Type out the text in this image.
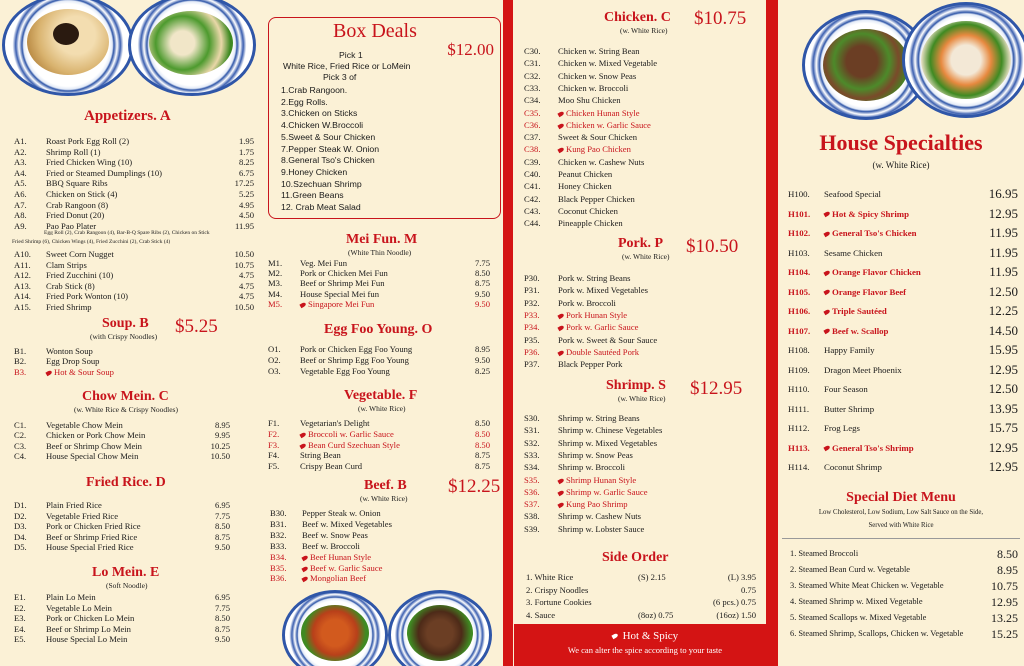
Appetizers. A
A1. Roast Pork Egg Roll (2)	1.95
A2. Shrimp Roll (1)	1.75
A3. Fried Chicken Wing (10)	8.25
A4. Fried or Steamed Dumplings (10)	6.75
A5. BBQ Square Ribs	17.25
A6. Chicken on Stick (4)	5.25
A7. Crab Rangoon (8)	4.95
A8. Fried Donut (20)	4.50
A9. Pao Pao Plater	11.95
Egg Roll (2), Crab Rangoon (4), Bar-B-Q Spare Ribs (2), Chicken on Stick
Fried Shrimp (6), Chicken Wings (4), Fried Zucchini (2), Crab Stick (4)
A10. Sweet Corn Nugget	10.50
A11. Clam Strips	10.75
A12. Fried Zucchini (10)	4.75
A13. Crab Stick (8)	4.75
A14. Fried Pork Wonton (10)	4.75
A15. Fried Shrimp	10.50
Soup. B
(with Crispy Noodles) $5.25
B1. Wonton Soup
B2. Egg Drop Soup
B3.	Hot & Sour Soup
Chow Mein. C
(w. White Rice & Crispy Noodles)
C1. Vegetable Chow Mein	8.95
C2. Chicken or Pork Chow Mein	9.95
C3. Beef or Shrimp Chow Mein	10.25
C4. House Special Chow Mein	10.50
Fried Rice. D
D1. Plain Fried Rice	6.95
D2. Vegetable Fried Rice	7.75
D3. Pork or Chicken Fried Rice	8.50
D4. Beef or Shrimp Fried Rice	8.75
D5. House Special Fried Rice	9.50
Lo Mein. E
(Soft Noodle)
E1. Plain Lo Mein	6.95
E2. Vegetable Lo Mein	7.75
E3. Pork or Chicken Lo Mein	8.50
E4. Beef or Shrimp Lo Mein	8.75
E5. House Special Lo Mein	9.50
Box Deals
$12.00
Pick 1
White Rice, Fried Rice or LoMein
Pick 3 of
1.Crab Rangoon.
2.Egg Rolls.
3.Chicken on Sticks
4.Chicken W.Broccoli
5.Sweet & Sour Chicken
7.Pepper Steak W. Onion
8.General Tso's Chicken
9.Honey Chicken
10.Szechuan Shrimp
11.Green Beans
12. Crab Meat Salad
Mei Fun. M
(White Thin Noodle)
M1. Veg. Mei Fun	7.75
M2. Pork or Chicken Mei Fun	8.50
M3. Beef or Shrimp Mei Fun	8.75
M4. House Special Mei fun	9.50
M5.	Singapore Mei Fun	9.50
Egg Foo Young. O
O1. Pork or Chicken Egg Foo Young	8.95
O2. Beef or Shrimp Egg Foo Young	9.50
O3. Vegetable Egg Foo Young	8.25
Vegetable. F
(w. White Rice)
F1. Vegetarian's Delight	8.50
F2.	Broccoli w. Garlic Sauce	8.50
F3.	Bean Curd Szechuan Style	8.50
F4. String Bean	8.75
F5. Crispy Bean Curd	8.75
Beef. B
(w. White Rice)
$12.25
B30. Pepper Steak w. Onion
B31. Beef w. Mixed Vegetables
B32. Beef w. Snow Peas
B33. Beef w. Broccoli
B34.	Beef Hunan Style
B35.	Beef w. Garlic Sauce
B36.	Mongolian Beef
Chicken. C
(w. White Rice)
$10.75
C30. Chicken w. String Bean
C31. Chicken w. Mixed Vegetable
C32. Chicken w. Snow Peas
C33. Chicken w. Broccoli
C34. Moo Shu Chicken
C35.	Chicken Hunan Style
C36.	Chicken w. Garlic Sauce
C37. Sweet & Sour Chicken
C38.	Kung Pao Chicken
C39. Chicken w. Cashew Nuts
C40. Peanut Chicken
C41. Honey Chicken
C42. Black Pepper Chicken
C43. Coconut Chicken
C44. Pineapple Chicken
Pork. P
(w. White Rice) $10.50
P30. Pork w. String Beans
P31. Pork w. Mixed Vegetables
P32. Pork w. Broccoli
P33.	Pork Hunan Style
P34.	Pork w. Garlic Sauce
P35. Pork w. Sweet & Sour Sauce
P36.	Double Sautéed Pork
P37. Black Pepper Pork
Shrimp. S
(w. White Rice) $12.95
S30. Shrimp w. String Beans
S31. Shrimp w. Chinese Vegetables
S32. Shrimp w. Mixed Vegetables
S33. Shrimp w. Snow Peas
S34. Shrimp w. Broccoli
S35.	Shrimp Hunan Style
S36.	Shrimp w. Garlic Sauce
S37.	Kung Pao Shrimp
S38. Shrimp w. Cashew Nuts
S39. Shrimp w. Lobster Sauce
Side Order
1. White Rice	(S) 2.15	(L) 3.95
2. Crispy Noodles	0.75
3. Fortune Cookies	(6 pcs.) 0.75
4. Sauce	(8oz) 0.75	(16oz) 1.50
Hot & Spicy
We can alter the spice according to your taste
House Specialties
(w. White Rice)
H100. Seafood Special	16.95
H101.	Hot & Spicy Shrimp	12.95
H102.	General Tso's Chicken	11.95
H103. Sesame Chicken	11.95
H104.	Orange Flavor Chicken	11.95
H105.	Orange Flavor Beef	12.50
H106.	Triple Sautéed	12.25
H107.	Beef w. Scallop	14.50
H108. Happy Family	15.95
H109. Dragon Meet Phoenix	12.95
H110. Four Season	12.50
H111. Butter Shrimp	13.95
H112. Frog Legs	15.75
H113.	General Tso's Shrimp	12.95
H114. Coconut Shrimp	12.95
Special Diet Menu
Low Cholesterol, Low Sodium, Low Salt Sauce on the Side,
Served with White Rice
1. Steamed Broccoli	8.50
2. Steamed Bean Curd w. Vegetable	8.95
3. Steamed White Meat Chicken w. Vegetable	10.75
4. Steamed Shrimp w. Mixed Vegetable	12.95
5. Steamed Scallops w. Mixed Vegetable	13.25
6. Steamed Shrimp, Scallops, Chicken w. Vegetable 15.25
